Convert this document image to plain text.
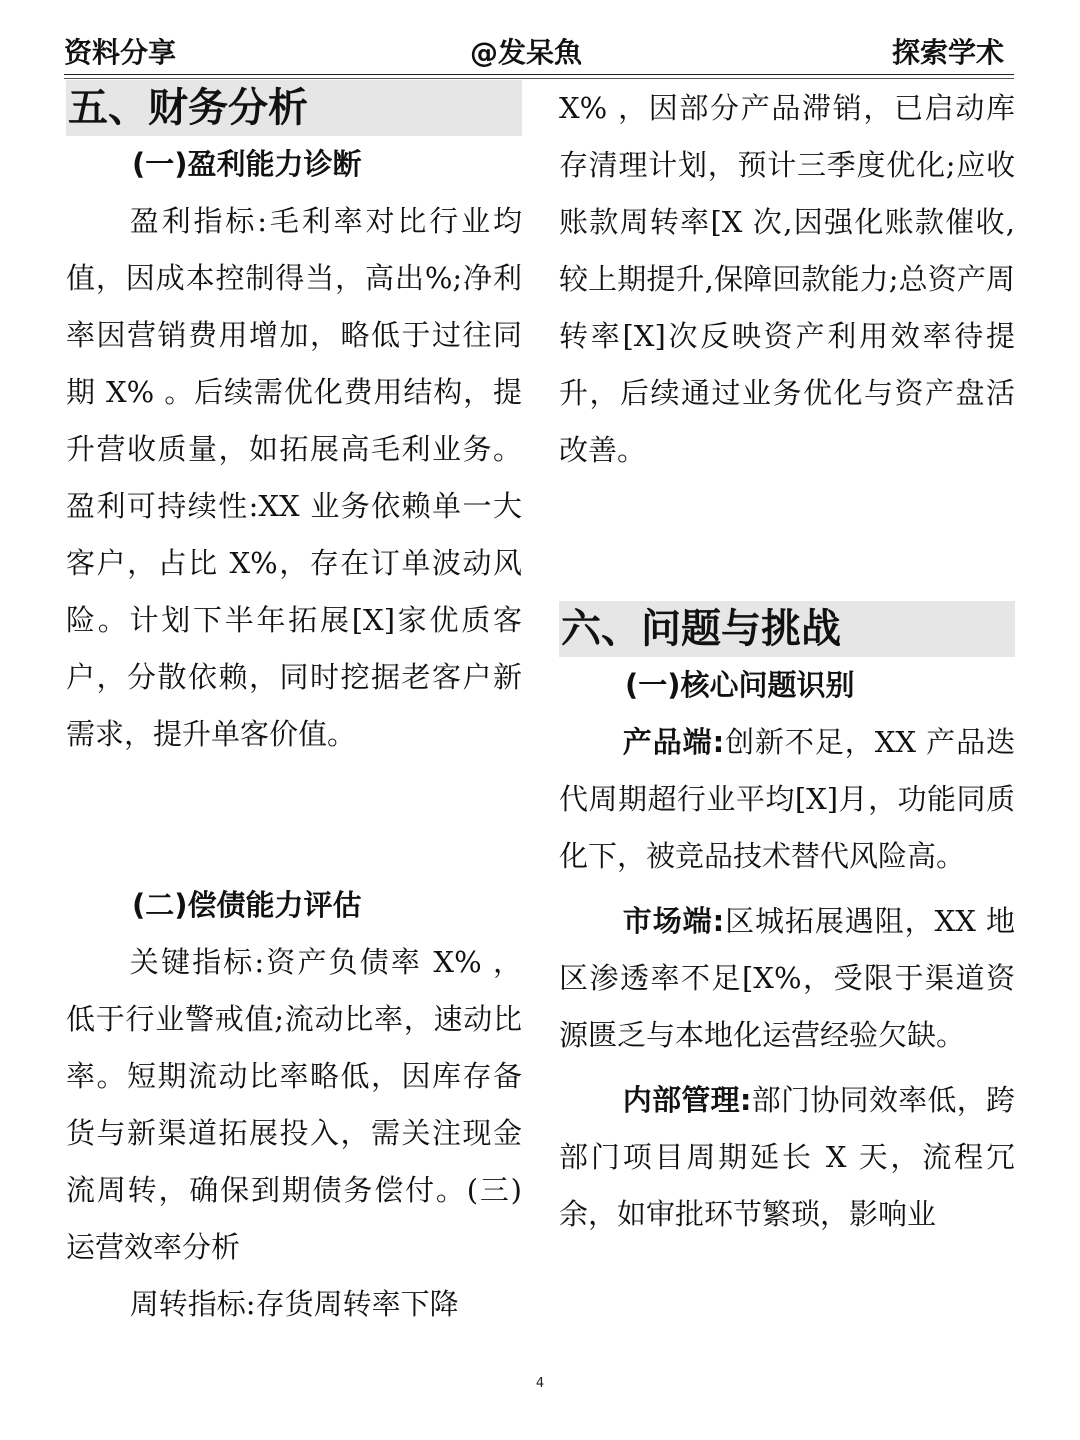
资料分享	@发呆魚	探索学术
五、财务分析
(一)盈利能力诊断

盈利指标:毛利率对比行业均值，因成本控制得当，高出%;净利率因营销费用增加，略低于过往同期 X% 。后续需优化费用结构，提升营收质量，如拓展高毛利业务。盈利可持续性:XX 业务依赖单一大客户，占比 X%，存在订单波动风险。计划下半年拓展[X]家优质客户，分散依赖，同时挖据老客户新需求，提升单客价值。

(二)偿债能力评估

关键指标:资产负债率 X% ，低于行业警戒值;流动比率，速动比率。短期流动比率略低，因库存备货与新渠道拓展投入，需关注现金流周转，确保到期债务偿付。(三)运营效率分析

周转指标:存货周转率下降

X% ，因部分产品滞销，已启动库存清理计划，预计三季度优化;应收账款周转率[X 次,因强化账款催收,较上期提升,保障回款能力;总资产周转率[X]次反映资产利用效率待提升，后续通过业务优化与资产盘活改善。

六、问题与挑战
(一)核心问题识别

产品端:创新不足，XX 产品迭代周期超行业平均[X]月，功能同质化下，被竞品技术替代风险高。

市场端:区城拓展遇阻，XX 地区渗透率不足[X%，受限于渠道资源匮乏与本地化运营经验欠缺。

内部管理:部门协同效率低，跨部门项目周期延长 X 天，流程冗余，如审批环节繁琐，影响业

4
